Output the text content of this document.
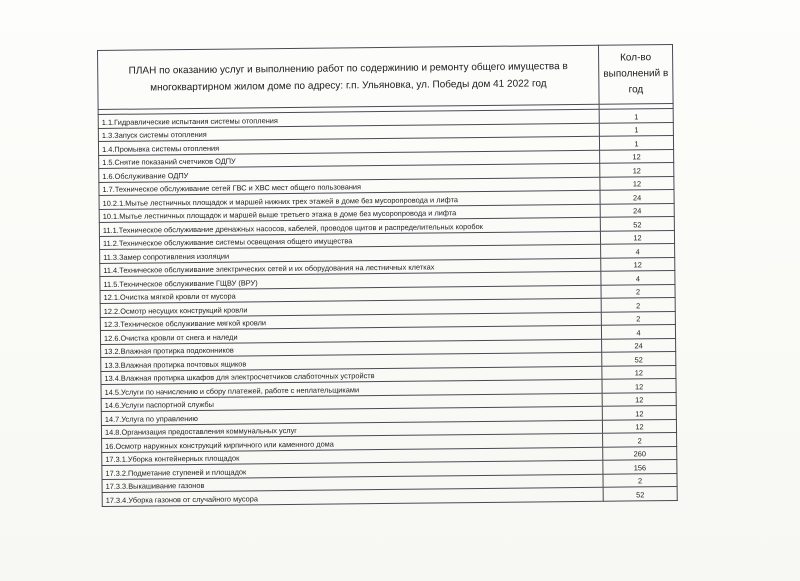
ПЛАН по оказанию услуг и выполнению работ по содержинию и ремонту общего имущества в многоквартирном жилом доме по адресу: г.п. Ульяновка, ул. Победы дом 41 2022 год	Кол-во выполнений в год

1.1.Гидравлические испытания системы отопления	1
1.3.Запуск системы отопления	1
1.4.Промывка системы отопления	1
1.5.Снятие показаний счетчиков ОДПУ	12
1.6.Обслуживание ОДПУ	12
1.7.Техническое обслуживание сетей ГВС и ХВС мест общего пользования	12
10.2.1.Мытье лестничных площадок и маршей нижних трех этажей в доме без мусоропровода и лифта	24
10.1.Мытье лестничных площадок и маршей выше третьего этажа в доме без мусоропровода и лифта	24
11.1.Техническое обслуживание дренажных насосов, кабелей, проводов щитов и распределительных коробок	52
11.2.Техническое обслуживание системы освещения общего имущества	12
11.3.Замер сопротивления изоляции	4
11.4.Техническое обслуживание электрических сетей и их оборудования на лестничных клетках	12
11.5.Техническое обслуживание ГЩВУ (ВРУ)	4
12.1.Очистка мягкой кровли от мусора	2
12.2.Осмотр несущих конструкций кровли	2
12.3.Техническое обслуживание мягкой кровли	2
12.6.Очистка кровли от снега и наледи	4
13.2.Влажная протирка подоконников	24
13.3.Влажная протирка почтовых ящиков	52
13.4.Влажная протирка шкафов для электросчетчиков слаботочных устройств	12
14.5.Услуги по начислению и сбору платежей, работе с неплательщиками	12
14.6.Услуги паспортной службы	12
14.7.Услуга по управлению	12
14.8.Организация предоставления коммунальных услуг	12
16.Осмотр наружных конструкций кирпичного или каменного дома	2
17.3.1.Уборка контейнерных площадок	260
17.3.2.Подметание ступеней и площадок	156
17.3.3.Выкашивание газонов	2
17.3.4.Уборка газонов от случайного мусора	52
